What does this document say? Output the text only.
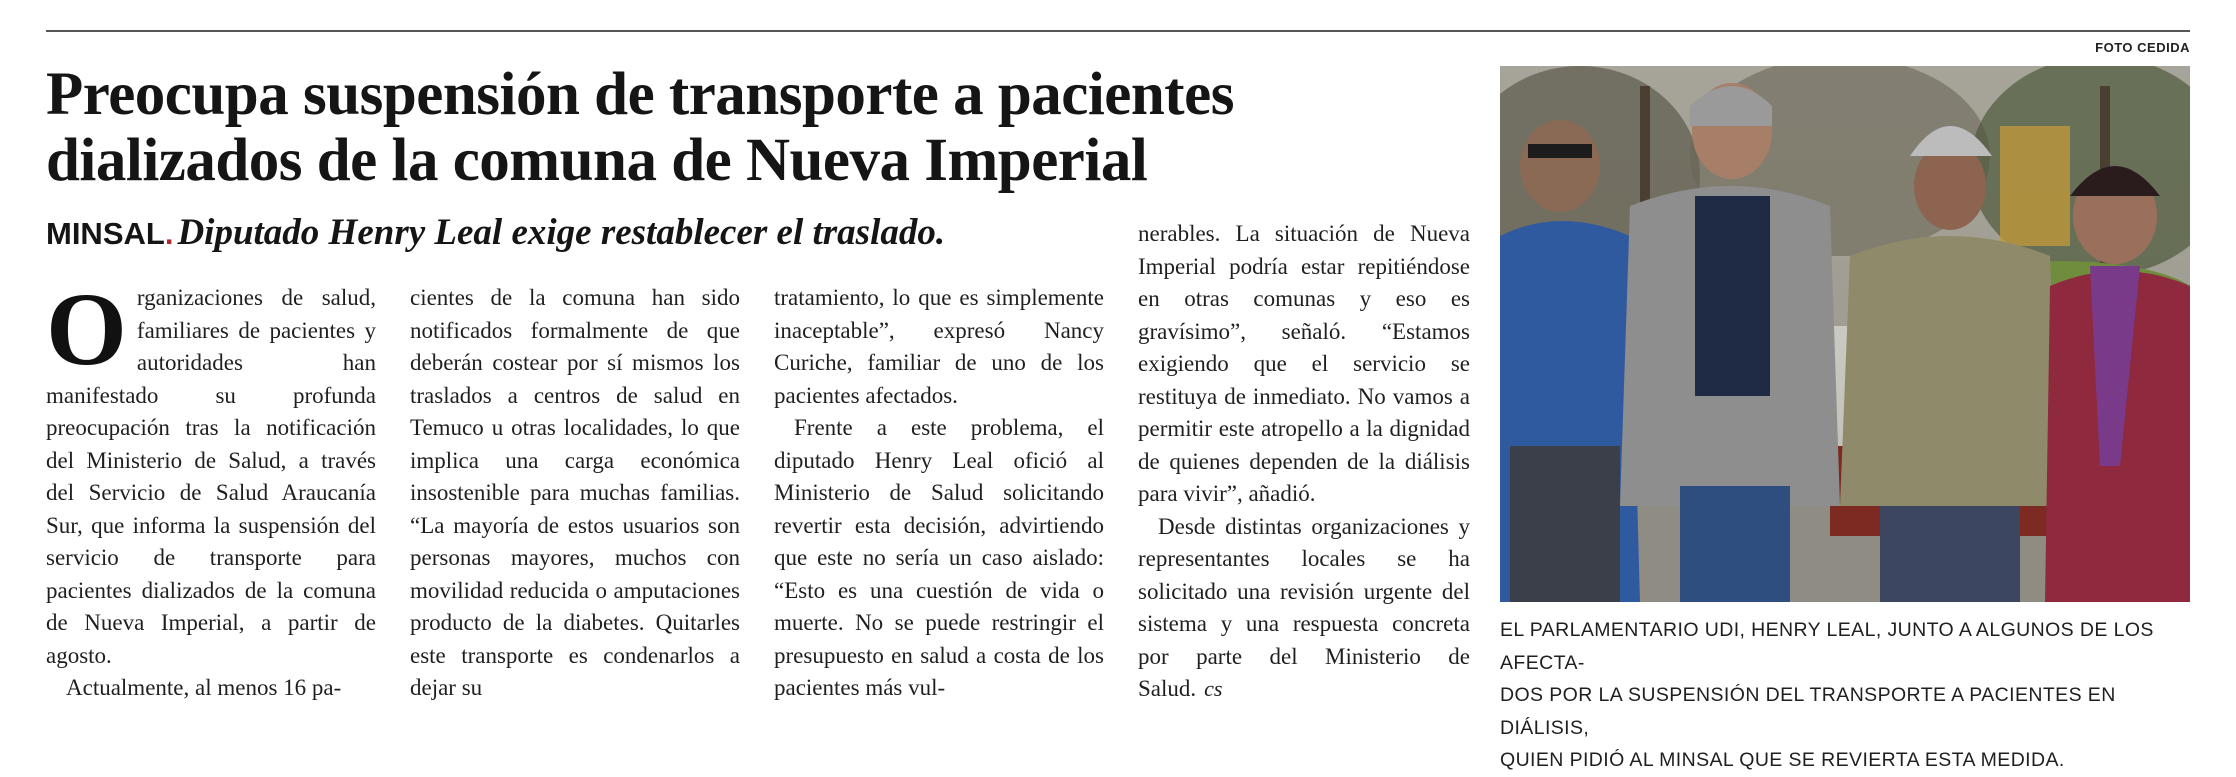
FOTO CEDIDA
Preocupa suspensión de transporte a pacientes
dializados de la comuna de Nueva Imperial
MINSAL. Diputado Henry Leal exige restablecer el traslado.

Organizaciones de salud, familiares de pacientes y autoridades han manifestado su profunda preocupación tras la notificación del Ministerio de Salud, a través del Servicio de Salud Araucanía Sur, que informa la suspensión del servicio de transporte para pacientes dializados de la comuna de Nueva Imperial, a partir de agosto.

Actualmente, al menos 16 pa-

cientes de la comuna han sido notificados formalmente de que deberán costear por sí mismos los traslados a centros de salud en Temuco u otras localidades, lo que implica una carga económica insostenible para muchas familias. “La mayoría de estos usuarios son personas mayores, muchos con movilidad reducida o amputaciones producto de la diabetes. Quitarles este transporte es condenarlos a dejar su

tratamiento, lo que es simplemente inaceptable”, expresó Nancy Curiche, familiar de uno de los pacientes afectados.

Frente a este problema, el diputado Henry Leal ofició al Ministerio de Salud solicitando revertir esta decisión, advirtiendo que este no sería un caso aislado: “Esto es una cuestión de vida o muerte. No se puede restringir el presupuesto en salud a costa de los pacientes más vul-

nerables. La situación de Nueva Imperial podría estar repitiéndose en otras comunas y eso es gravísimo”, señaló. “Estamos exigiendo que el servicio se restituya de inmediato. No vamos a permitir este atropello a la dignidad de quienes dependen de la diálisis para vivir”, añadió.

Desde distintas organizaciones y representantes locales se ha solicitado una revisión urgente del sistema y una respuesta concreta por parte del Ministerio de Salud. cs

EL PARLAMENTARIO UDI, HENRY LEAL, JUNTO A ALGUNOS DE LOS AFECTA-
DOS POR LA SUSPENSIÓN DEL TRANSPORTE A PACIENTES EN DIÁLISIS,
QUIEN PIDIÓ AL MINSAL QUE SE REVIERTA ESTA MEDIDA.
